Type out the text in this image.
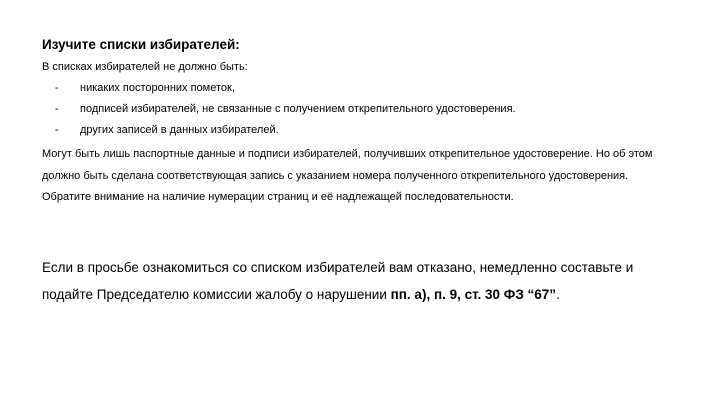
Изучите списки избирателей:
В списках избирателей не должно быть:
-	никаких посторонних пометок,
-	подписей избирателей, не связанные с получением открепительного удостоверения.
-	других записей в данных избирателей.

Могут быть лишь паспортные данные и подписи избирателей, получивших открепительное удостоверение. Но об этом должно быть сделана соответствующая запись с указанием номера полученного открепительного удостоверения.

Обратите внимание на наличие нумерации страниц и её надлежащей последовательности.

Если в просьбе ознакомиться со списком избирателей вам отказано, немедленно составьте и подайте Председателю комиссии жалобу о нарушении пп. а), п. 9, ст. 30 ФЗ “67”.
